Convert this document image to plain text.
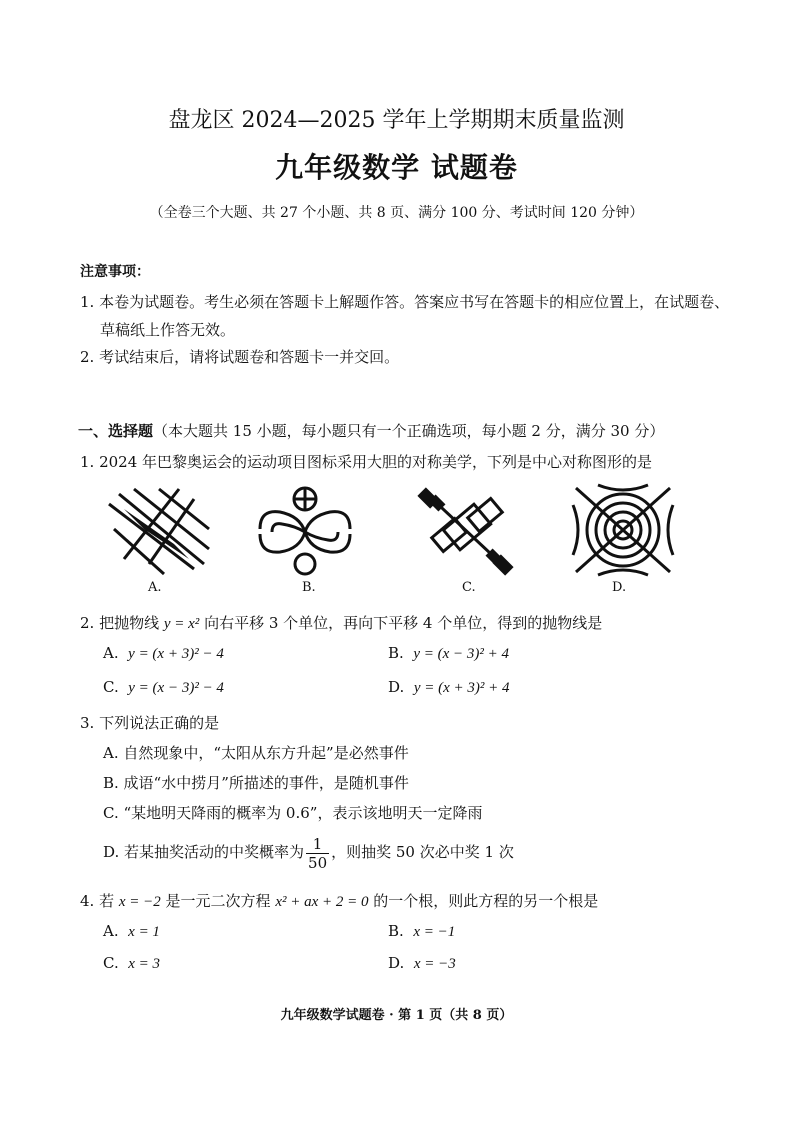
盘龙区 2024—2025 学年上学期期末质量监测
九年级数学 试题卷
（全卷三个大题、共 27 个小题、共 8 页、满分 100 分、考试时间 120 分钟）
注意事项：
1. 本卷为试题卷。考生必须在答题卡上解题作答。答案应书写在答题卡的相应位置上，在试题卷、
草稿纸上作答无效。
2. 考试结束后，请将试题卷和答题卡一并交回。
一、选择题（本大题共 15 小题，每小题只有一个正确选项，每小题 2 分，满分 30 分）
1. 2024 年巴黎奥运会的运动项目图标采用大胆的对称美学，下列是中心对称图形的是
A.	B.	C.	D.
2. 把抛物线 y = x² 向右平移 3 个单位，再向下平移 4 个单位，得到的抛物线是
A. y = (x + 3)² − 4	B. y = (x − 3)² + 4
C. y = (x − 3)² − 4	D. y = (x + 3)² + 4
3. 下列说法正确的是
A. 自然现象中，“太阳从东方升起”是必然事件
B. 成语“水中捞月”所描述的事件，是随机事件
C. “某地明天降雨的概率为 0.6”，表示该地明天一定降雨
D. 若某抽奖活动的中奖概率为 $\frac{1}{50}$ ，则抽奖 50 次必中奖 1 次
4. 若 x = −2 是一元二次方程 x² + ax + 2 = 0 的一个根，则此方程的另一个根是
A. x = 1	B. x = −1
C. x = 3	D. x = −3
九年级数学试题卷 · 第 1 页（共 8 页）
